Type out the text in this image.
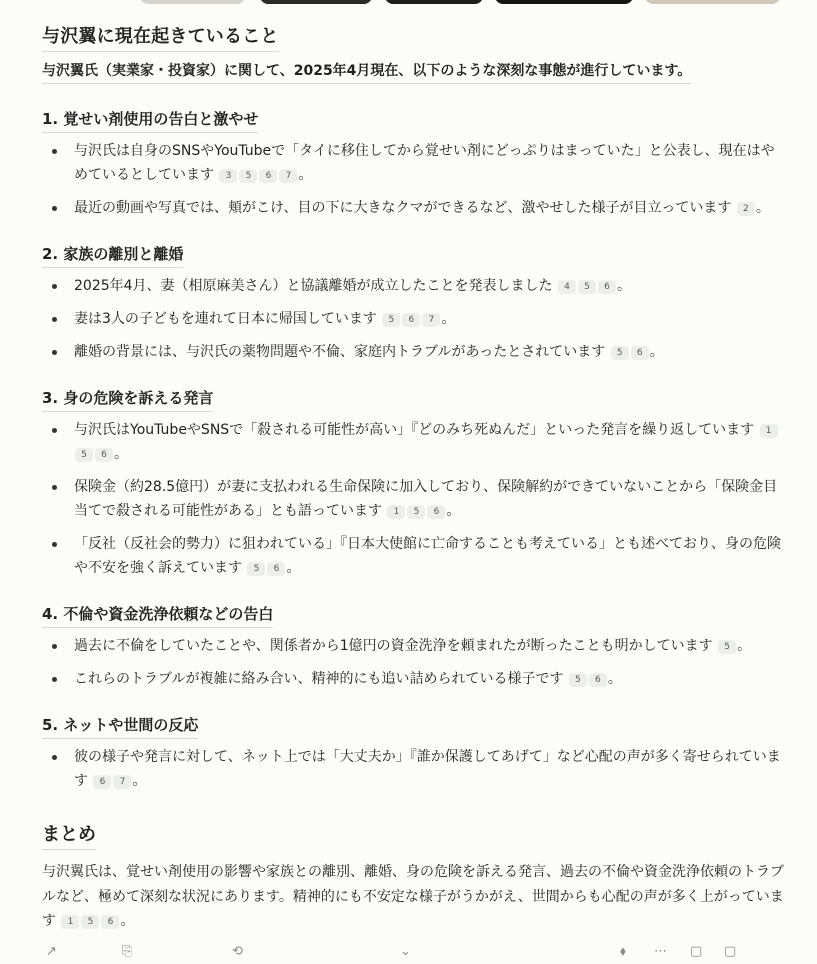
与沢翼に現在起きていること
与沢翼氏（実業家・投資家）に関して、2025年4月現在、以下のような深刻な事態が進行しています。
1. 覚せい剤使用の告白と激やせ
与沢氏は自身のSNSやYouTubeで「タイに移住してから覚せい剤にどっぷりはまっていた」と公表し、現在はやめているとしています 3 5 6 7 。
最近の動画や写真では、頬がこけ、目の下に大きなクマができるなど、激やせした様子が目立っています 2 。
2. 家族の離別と離婚
2025年4月、妻（相原麻美さん）と協議離婚が成立したことを発表しました 4 5 6 。
妻は3人の子どもを連れて日本に帰国しています 5 6 7 。
離婚の背景には、与沢氏の薬物問題や不倫、家庭内トラブルがあったとされています 5 6 。
3. 身の危険を訴える発言
与沢氏はYouTubeやSNSで「殺される可能性が高い」『どのみち死ぬんだ」といった発言を繰り返しています 15 6 。
保険金（約28.5億円）が妻に支払われる生命保険に加入しており、保険解約ができていないことから「保険金目当てで殺される可能性がある」とも語っています 1 5 6 。
「反社（反社会的勢力）に狙われている」『日本大使館に亡命することも考えている」とも述べており、身の危険や不安を強く訴えています 5 6 。
4. 不倫や資金洗浄依頼などの告白
過去に不倫をしていたことや、関係者から1億円の資金洗浄を頼まれたが断ったことも明かしています 5 。
これらのトラブルが複雑に絡み合い、精神的にも追い詰められている様子です 5 6 。
5. ネットや世間の反応
彼の様子や発言に対して、ネット上では「大丈夫か」『誰か保護してあげて」など心配の声が多く寄せられています 6 7 。
まとめ

与沢翼氏は、覚せい剤使用の影響や家族との離別、離婚、身の危険を訴える発言、過去の不倫や資金洗浄依頼のトラブルなど、極めて深刻な状況にあります。精神的にも不安定な様子がうかがえ、世間からも心配の声が多く上がっています 1 5 6 。

↗	⎘	⟲	⌄	⬧ ⋯ ▢ ▢
